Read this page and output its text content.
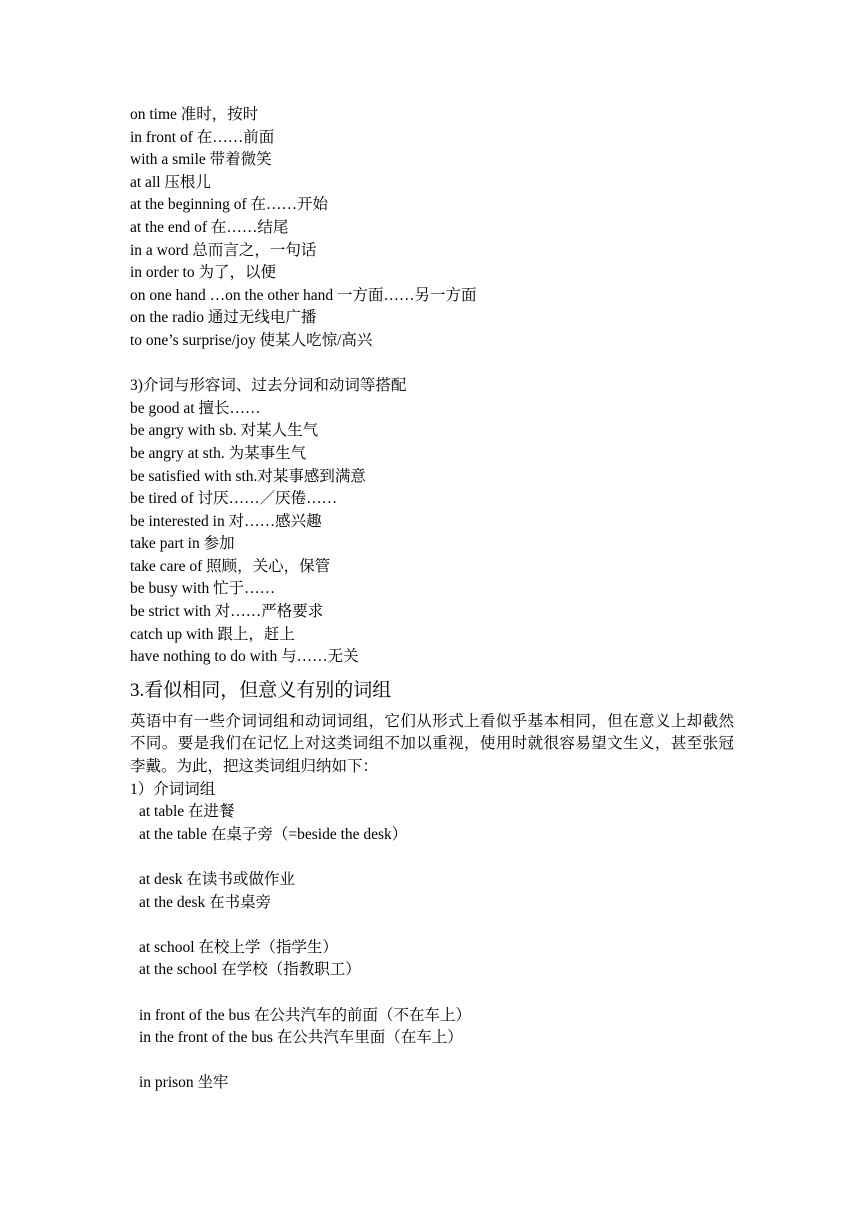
on time 准时，按时
in front of 在……前面
with a smile 带着微笑
at all 压根儿
at the beginning of 在……开始
at the end of 在……结尾
in a word 总而言之，一句话
in order to 为了，以便
on one hand …on the other hand 一方面……另一方面
on the radio 通过无线电广播
to one’s surprise/joy 使某人吃惊/高兴
3)介词与形容词、过去分词和动词等搭配
be good at 擅长……
be angry with sb. 对某人生气
be angry at sth. 为某事生气
be satisfied with sth.对某事感到满意
be tired of 讨厌……／厌倦……
be interested in 对……感兴趣
take part in 参加
take care of 照顾，关心，保管
be busy with 忙于……
be strict with 对……严格要求
catch up with 跟上，赶上
have nothing to do with 与……无关
3.看似相同，但意义有别的词组
英语中有一些介词词组和动词词组，它们从形式上看似乎基本相同，但在意义上却截然不同。要是我们在记忆上对这类词组不加以重视，使用时就很容易望文生义，甚至张冠李戴。为此，把这类词组归纳如下：
1）介词词组
at table 在进餐
at the table 在桌子旁（=beside the desk）
at desk 在读书或做作业
at the desk 在书桌旁
at school 在校上学（指学生）
at the school 在学校（指教职工）
in front of the bus 在公共汽车的前面（不在车上）
in the front of the bus 在公共汽车里面（在车上）
in prison 坐牢
